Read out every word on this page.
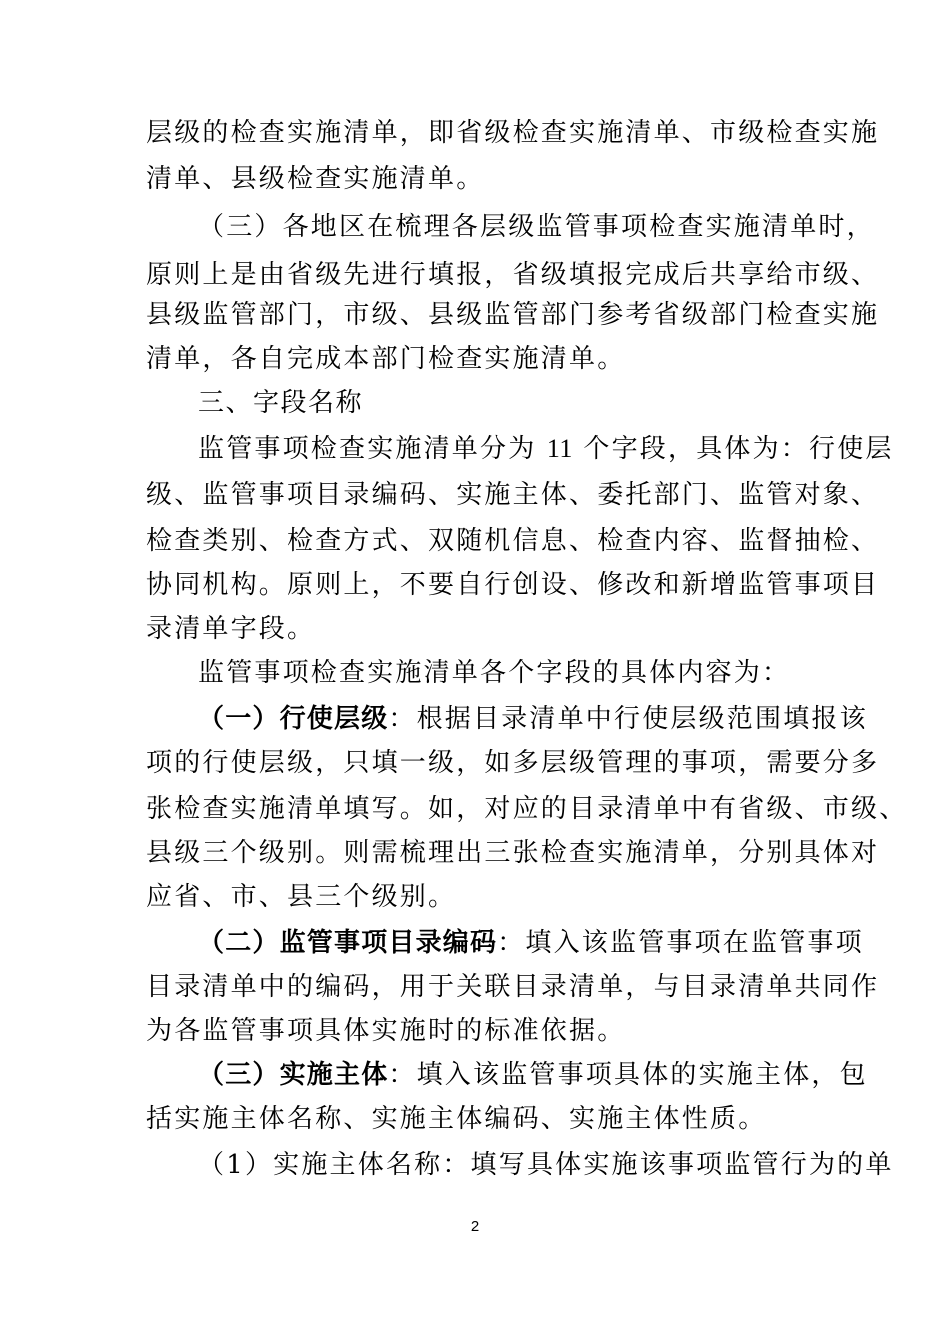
层级的检查实施清单，即省级检查实施清单、市级检查实施
清单、县级检查实施清单。
（三）各地区在梳理各层级监管事项检查实施清单时，
原则上是由省级先进行填报，省级填报完成后共享给市级、
县级监管部门，市级、县级监管部门参考省级部门检查实施
清单，各自完成本部门检查实施清单。
三、字段名称
监管事项检查实施清单分为 11 个字段，具体为：行使层
级、监管事项目录编码、实施主体、委托部门、监管对象、
检查类别、检查方式、双随机信息、检查内容、监督抽检、
协同机构。原则上，不要自行创设、修改和新增监管事项目
录清单字段。
监管事项检查实施清单各个字段的具体内容为：
（一）行使层级：根据目录清单中行使层级范围填报该
项的行使层级，只填一级，如多层级管理的事项，需要分多
张检查实施清单填写。如，对应的目录清单中有省级、市级、
县级三个级别。则需梳理出三张检查实施清单，分别具体对
应省、市、县三个级别。
（二）监管事项目录编码：填入该监管事项在监管事项
目录清单中的编码，用于关联目录清单，与目录清单共同作
为各监管事项具体实施时的标准依据。
（三）实施主体：填入该监管事项具体的实施主体，包
括实施主体名称、实施主体编码、实施主体性质。
（1）实施主体名称：填写具体实施该事项监管行为的单
2
